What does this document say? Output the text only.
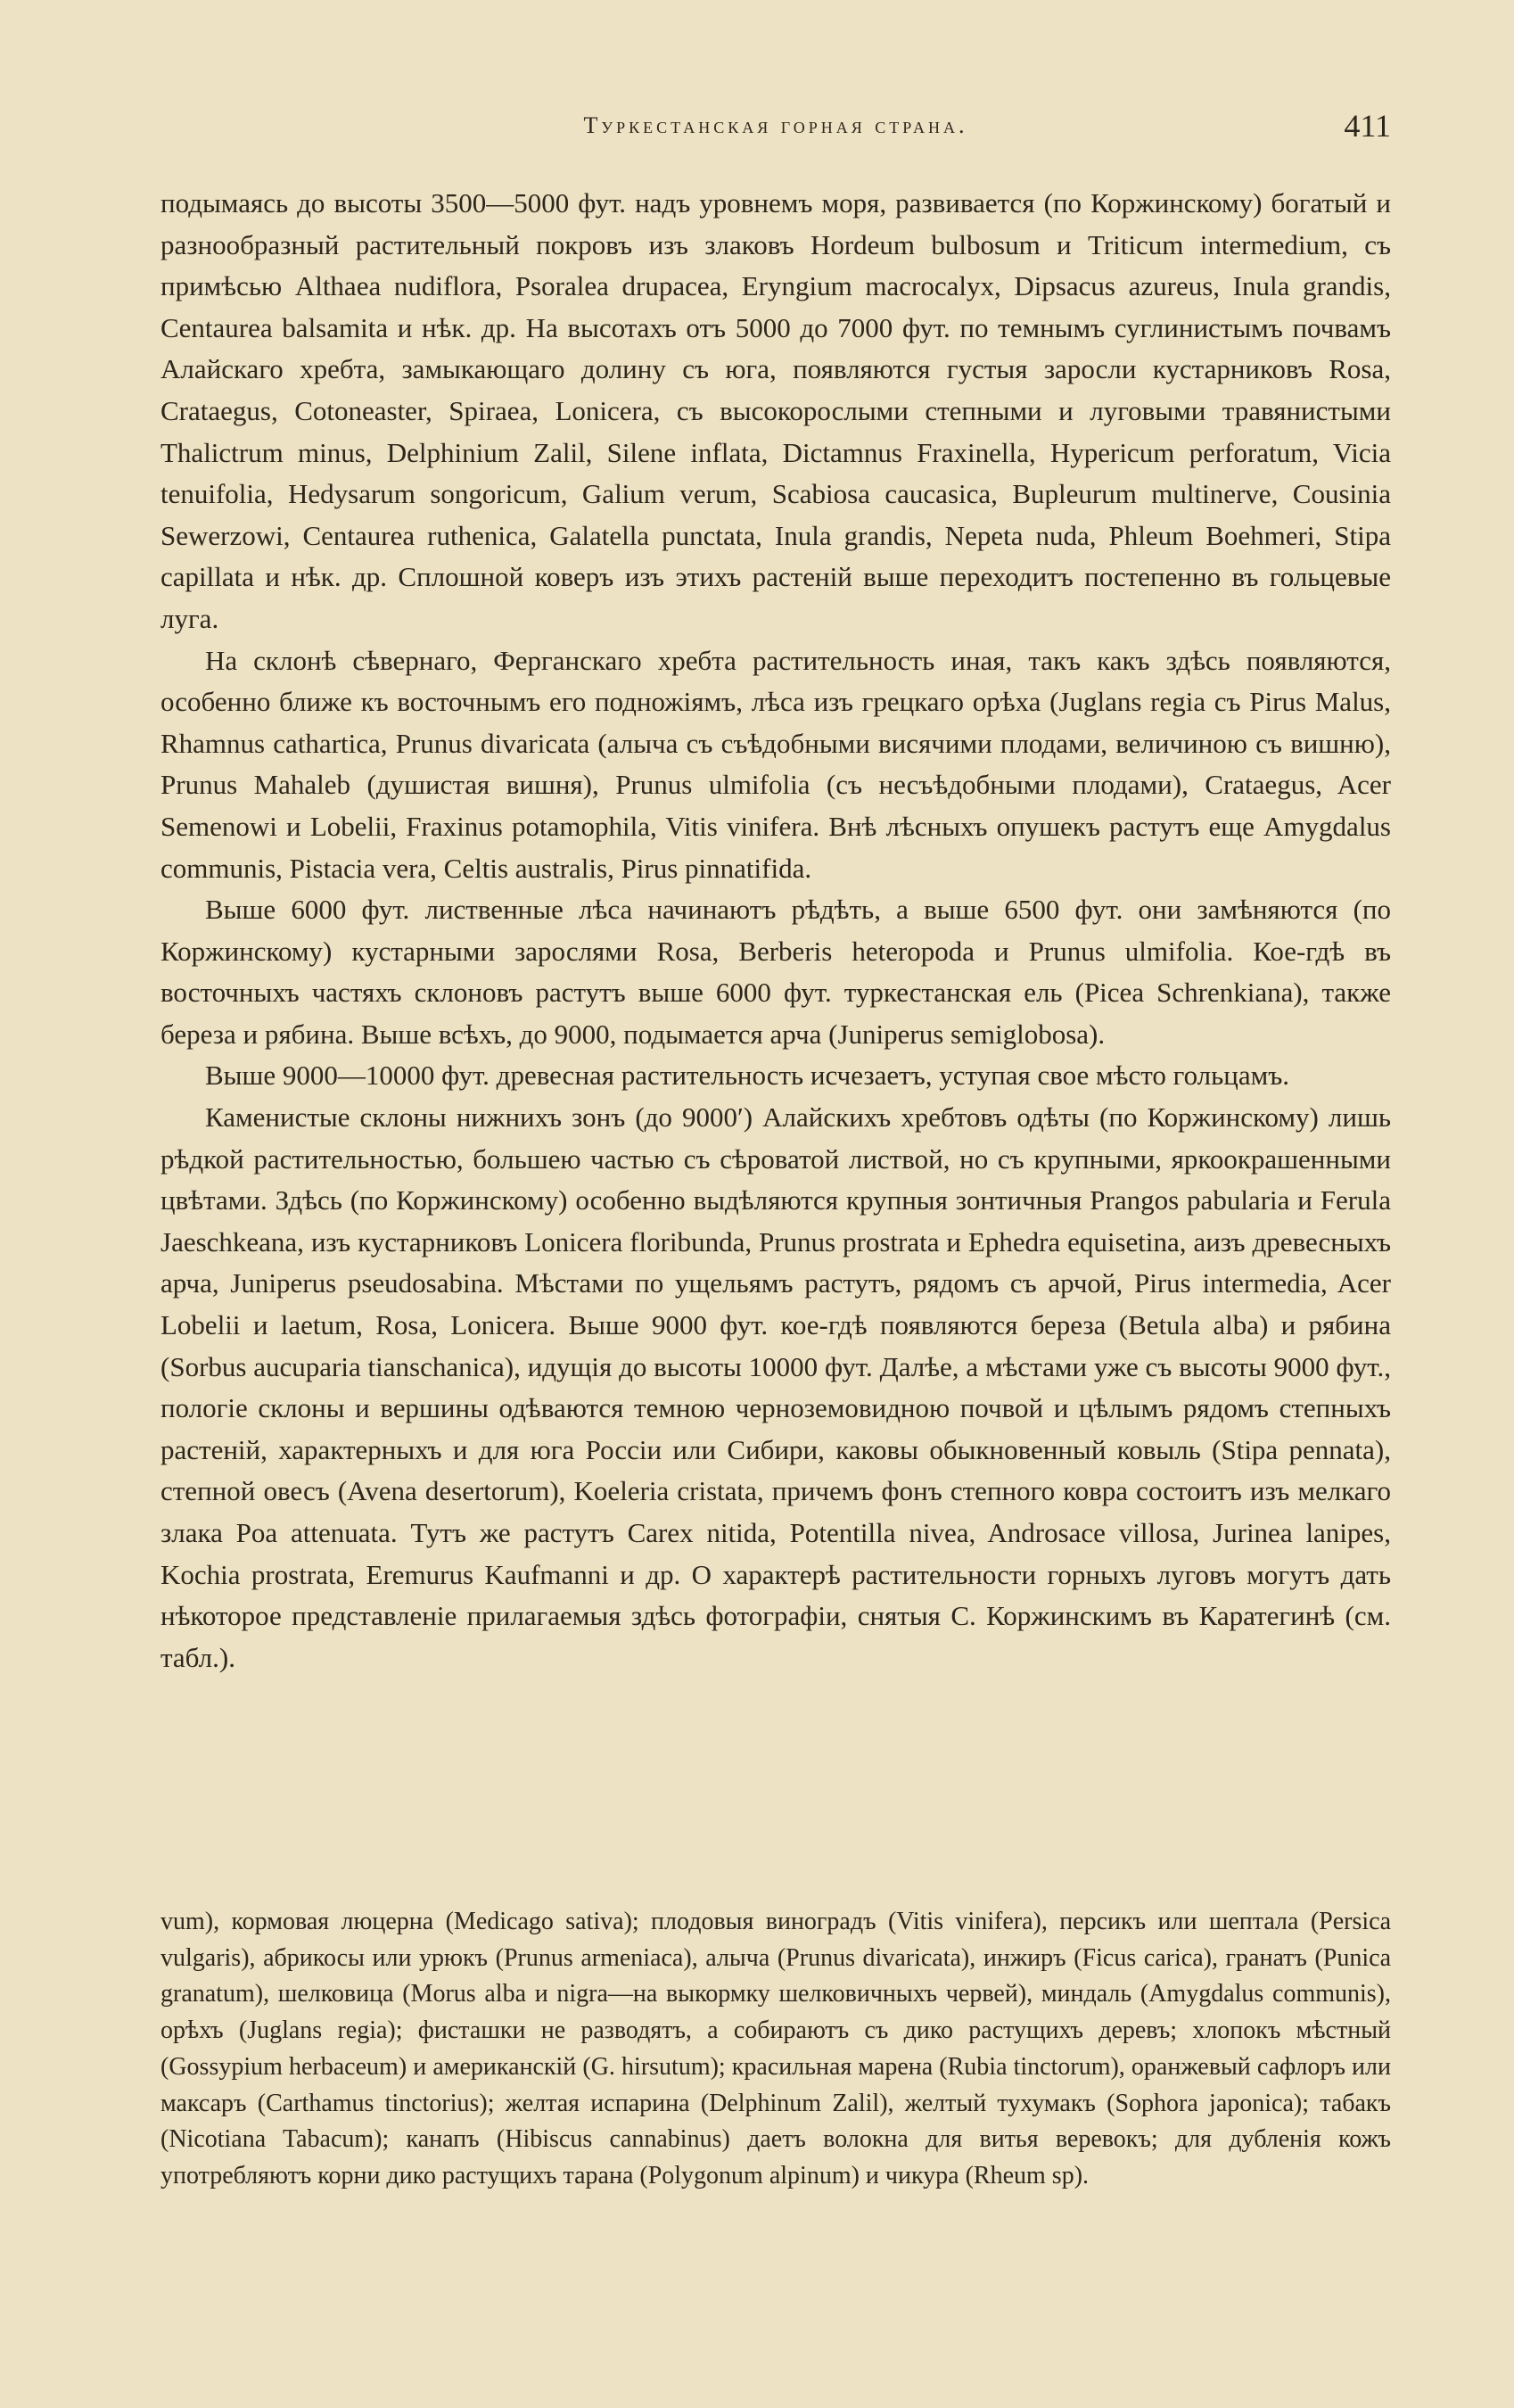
Туркестанская горная страна.	411

подымаясь до высоты 3500—5000 фут. надъ уровнемъ моря, развивается (по Коржинскому) богатый и разнообразный растительный покровъ изъ злаковъ Hordeum bulbosum и Triticum intermedium, съ примѣсью Althaea nudiflora, Psoralea drupacea, Eryngium macrocalyx, Dipsacus azureus, Inula grandis, Centaurea balsamita и нѣк. др. На высотахъ отъ 5000 до 7000 фут. по темнымъ суглинистымъ почвамъ Алайскаго хребта, замыкающаго долину съ юга, появляются густыя заросли кустарниковъ Rosa, Crataegus, Cotoneaster, Spiraea, Lonicera, съ высокорослыми степными и луговыми травянистыми Thalictrum minus, Delphinium Zalil, Silene inflata, Dictamnus Fraxinella, Hypericum perforatum, Vicia tenuifolia, Hedysarum songoricum, Galium verum, Scabiosa caucasica, Bupleurum multinerve, Cousinia Sewerzowi, Centaurea ruthenica, Galatella punctata, Inula grandis, Nepeta nuda, Phleum Boehmeri, Stipa capillata и нѣк. др. Сплошной коверъ изъ этихъ растеній выше переходитъ постепенно въ гольцевые луга.

На склонѣ сѣвернаго, Ферганскаго хребта растительность иная, такъ какъ здѣсь появляются, особенно ближе къ восточнымъ его подножіямъ, лѣса изъ грецкаго орѣха (Juglans regia съ Pirus Malus, Rhamnus cathartica, Prunus divaricata (алыча съ съѣдобными висячими плодами, величиною съ вишню), Prunus Mahaleb (душистая вишня), Prunus ulmifolia (съ несъѣдобными плодами), Crataegus, Acer Semenowi и Lobelii, Fraxinus potamophila, Vitis vinifera. Внѣ лѣсныхъ опушекъ растутъ еще Amygdalus communis, Pistacia vera, Celtis australis, Pirus pinnatifida.

Выше 6000 фут. лиственные лѣса начинаютъ рѣдѣть, а выше 6500 фут. они замѣняются (по Коржинскому) кустарными зарослями Rosa, Berberis heteropoda и Prunus ulmifolia. Кое-гдѣ въ восточныхъ частяхъ склоновъ растутъ выше 6000 фут. туркестанская ель (Picea Schrenkiana), также береза и рябина. Выше всѣхъ, до 9000, подымается арча (Juniperus semiglobosa).

Выше 9000—10000 фут. древесная растительность исчезаетъ, уступая свое мѣсто гольцамъ.

Каменистые склоны нижнихъ зонъ (до 9000′) Алайскихъ хребтовъ одѣты (по Коржинскому) лишь рѣдкой растительностью, большею частью съ сѣроватой листвой, но съ крупными, яркоокрашенными цвѣтами. Здѣсь (по Коржинскому) особенно выдѣляются крупныя зонтичныя Prangos pabularia и Ferula Jaeschkeana, изъ кустарниковъ Lonicera floribunda, Prunus prostrata и Ephedra equisetina, аизъ древесныхъ арча, Juniperus pseudosabina. Мѣстами по ущельямъ растутъ, рядомъ съ арчой, Pirus intermedia, Acer Lobelii и laetum, Rosa, Lonicera. Выше 9000 фут. кое-гдѣ появляются береза (Betula alba) и рябина (Sorbus aucuparia tianschanica), идущія до высоты 10000 фут. Далѣе, а мѣстами уже съ высоты 9000 фут., пологіе склоны и вершины одѣваются темною черноземовидною почвой и цѣлымъ рядомъ степныхъ растеній, характерныхъ и для юга Россіи или Сибири, каковы обыкновенный ковыль (Stipa pennata), степной овесъ (Avena desertorum), Koeleria cristata, причемъ фонъ степного ковра состоитъ изъ мелкаго злака Poa attenuata. Тутъ же растутъ Carex nitida, Potentilla nivea, Androsace villosa, Jurinea lanipes, Kochia prostrata, Eremurus Kaufmanni и др. О характерѣ растительности горныхъ луговъ могутъ дать нѣкоторое представленіе прилагаемыя здѣсь фотографіи, снятыя С. Коржинскимъ въ Каратегинѣ (см. табл.).

vum), кормовая люцерна (Medicago sativa); плодовыя виноградъ (Vitis vinifera), персикъ или шептала (Persica vulgaris), абрикосы или урюкъ (Prunus armeniaca), алыча (Prunus divaricata), инжиръ (Ficus carica), гранатъ (Punica granatum), шелковица (Morus alba и nigra—на выкормку шелковичныхъ червей), миндаль (Amygdalus communis), орѣхъ (Juglans regia); фисташки не разводятъ, а собираютъ съ дико растущихъ деревъ; хлопокъ мѣстный (Gossypium herbaceum) и американскій (G. hirsutum); красильная марена (Rubia tinctorum), оранжевый сафлоръ или максаръ (Carthamus tinctorius); желтая испарина (Delphinum Zalil), желтый тухумакъ (Sophora japonica); табакъ (Nicotiana Tabacum); канапъ (Hibiscus cannabinus) даетъ волокна для витья веревокъ; для дубленія кожъ употребляютъ корни дико растущихъ тарана (Polygonum alpinum) и чикура (Rheum sp).
